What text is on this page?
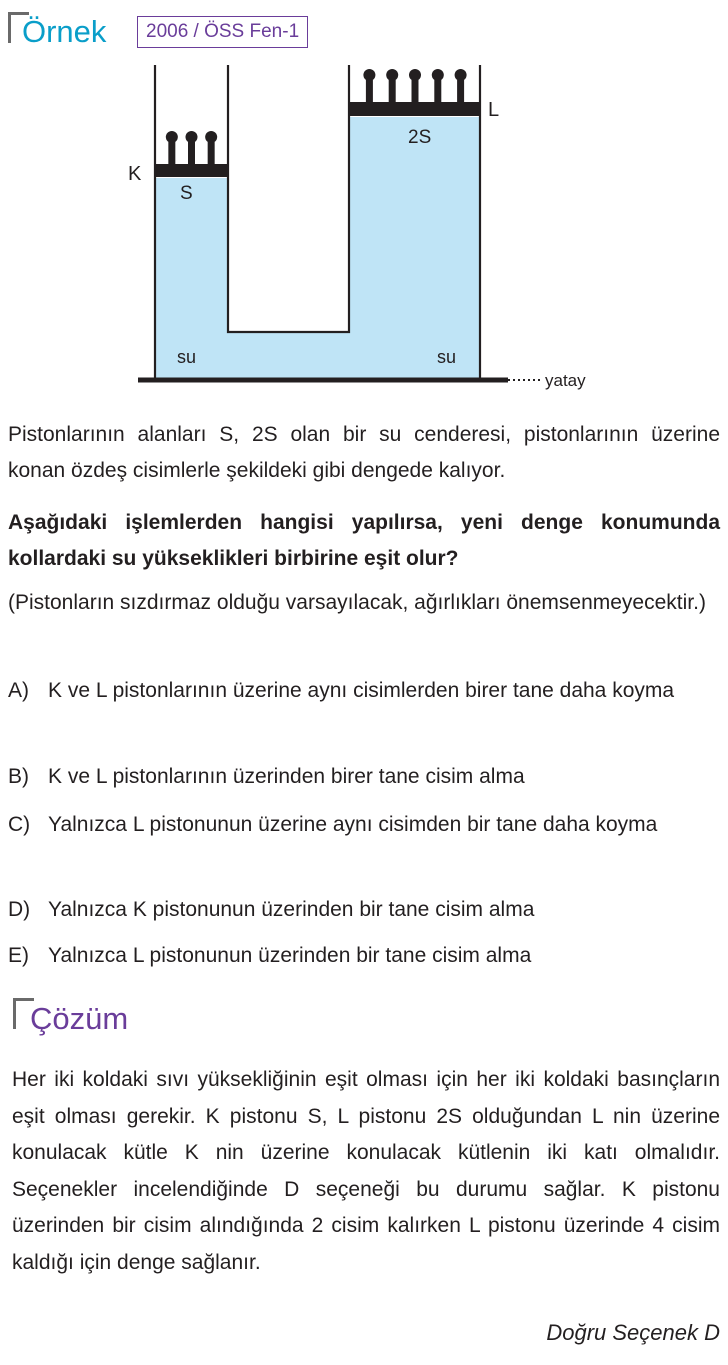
Örnek	2006 / ÖSS Fen-1
yatay
K
L
S
2S
su	su

Pistonlarının alanları S, 2S olan bir su cenderesi, pistonlarının üzerine konan özdeş cisimlerle şekildeki gibi dengede kalıyor.

Aşağıdaki işlemlerden hangisi yapılırsa, yeni denge konumunda kollardaki su yükseklikleri birbirine eşit olur?

(Pistonların sızdırmaz olduğu varsayılacak, ağırlıkları önemsenmeyecektir.)

A) K ve L pistonlarının üzerine aynı cisimlerden birer tane daha koyma
B) K ve L pistonlarının üzerinden birer tane cisim alma
C) Yalnızca L pistonunun üzerine aynı cisimden bir tane daha koyma
D) Yalnızca K pistonunun üzerinden bir tane cisim alma
E) Yalnızca L pistonunun üzerinden bir tane cisim alma
Çözüm

Her iki koldaki sıvı yüksekliğinin eşit olması için her iki koldaki basınçların eşit olması gerekir. K pistonu S, L pistonu 2S olduğundan L nin üzerine konulacak kütle K nin üzerine konulacak kütlenin iki katı olmalıdır. Seçenekler incelendiğinde D seçeneği bu durumu sağlar. K pistonu üzerinden bir cisim alındığında 2 cisim kalırken L pistonu üzerinde 4 cisim kaldığı için denge sağlanır.

Doğru Seçenek D
